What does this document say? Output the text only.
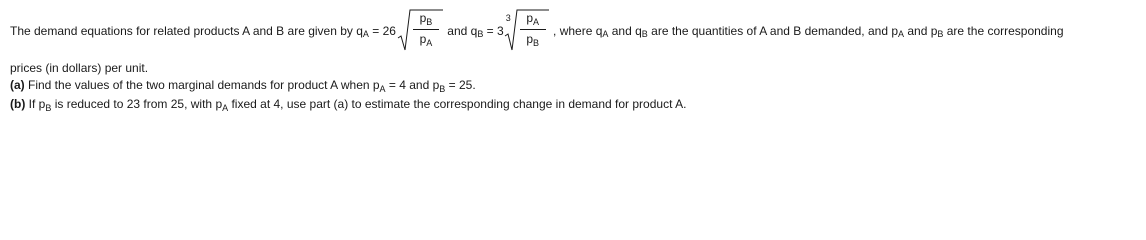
The demand equations for related products A and B are given by q A = 26
$p_B$
$p_A$
and q B = 3
3 $p_A$
$p_B$
, where q A and q B are the quantities of A and B demanded, and p A and p B are the corresponding
prices (in dollars) per unit.
(a) Find the values of the two marginal demands for product A when $p_A = 4$ and $p_B = 25$.
(b) If $p_B$ is reduced to 23 from 25, with $p_A$ fixed at 4, use part (a) to estimate the corresponding change in demand for product A.
